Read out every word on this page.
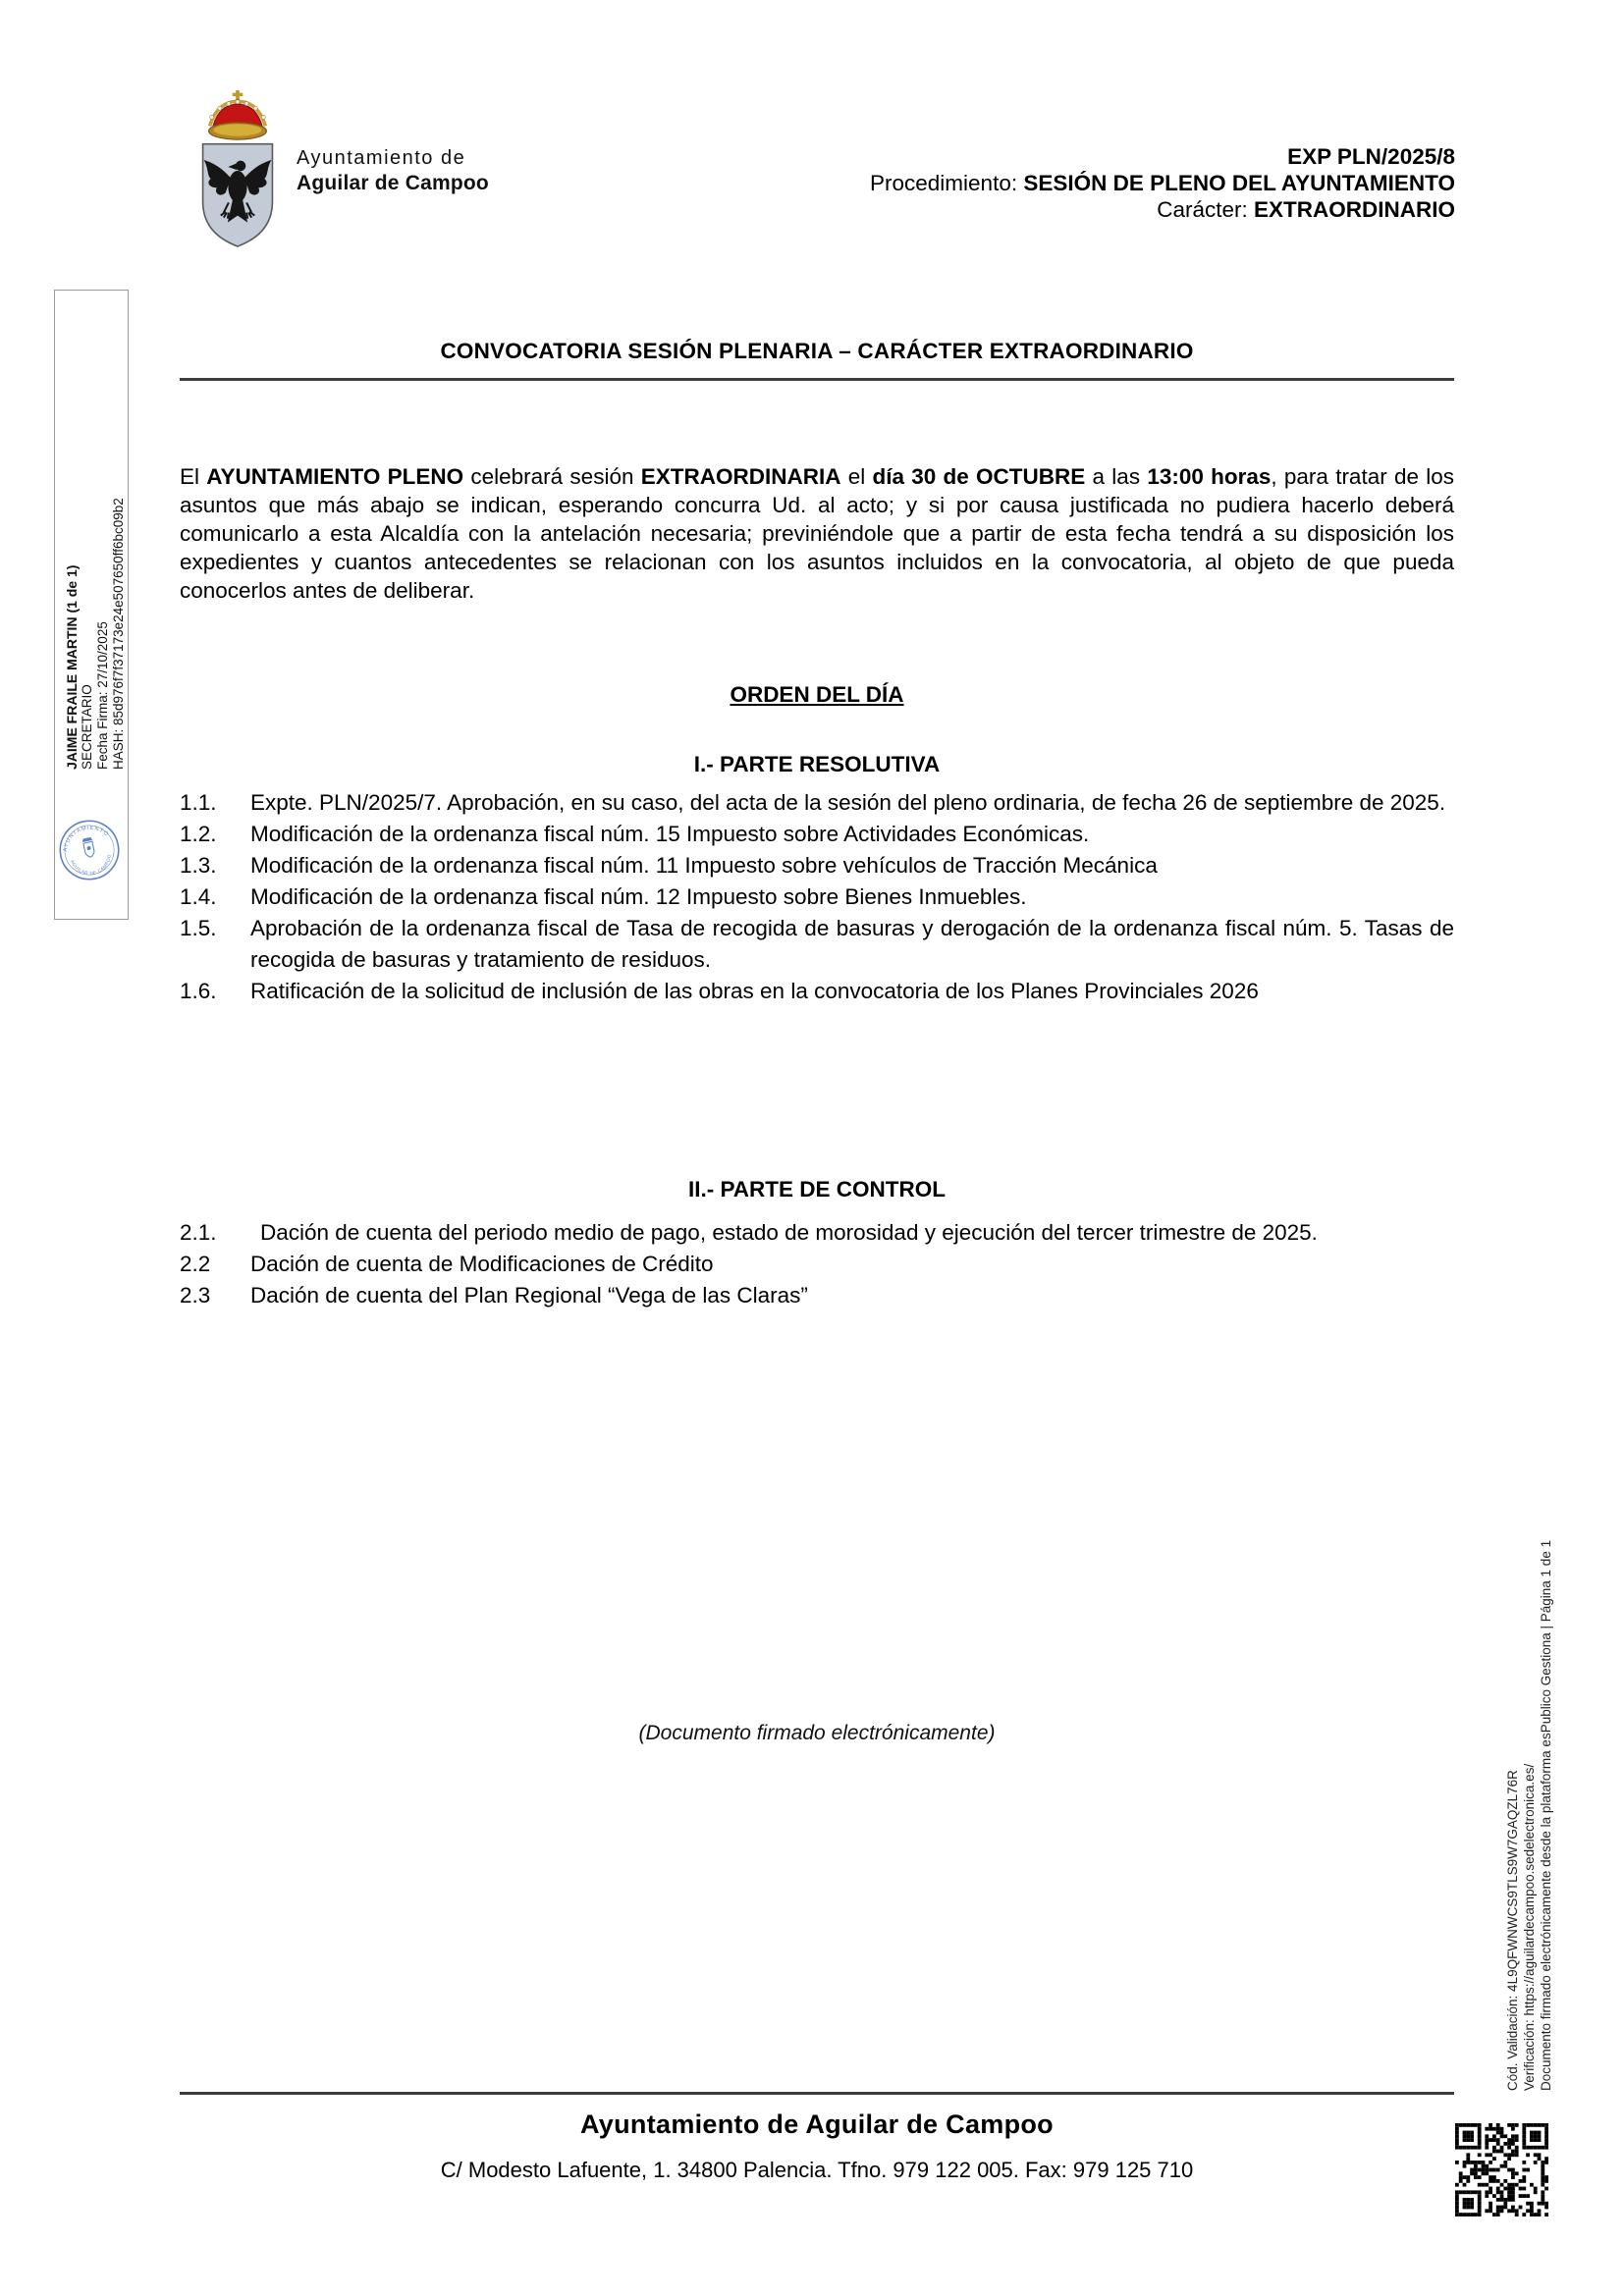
Ayuntamiento de
Aguilar de Campoo
EXP PLN/2025/8
Procedimiento: SESIÓN DE PLENO DEL AYUNTAMIENTO
Carácter: EXTRAORDINARIO
JAIME FRAILE MARTIN (1 de 1) SECRETARIO Fecha Firma: 27/10/2025 HASH: 85d976f7f37173e24e507650ff6bc09b2
AYUNTAMIENTO
AGUILAR DE CAMPOO
CONVOCATORIA SESIÓN PLENARIA – CARÁCTER EXTRAORDINARIO

El AYUNTAMIENTO PLENO celebrará sesión EXTRAORDINARIA el día 30 de OCTUBRE a las 13:00 horas, para tratar de los asuntos que más abajo se indican, esperando concurra Ud. al acto; y si por causa justificada no pudiera hacerlo deberá comunicarlo a esta Alcaldía con la antelación necesaria; previniéndole que a partir de esta fecha tendrá a su disposición los expedientes y cuantos antecedentes se relacionan con los asuntos incluidos en la convocatoria, al objeto de que pueda conocerlos antes de deliberar.

ORDEN DEL DÍA
I.- PARTE RESOLUTIVA
1.1.	Expte. PLN/2025/7. Aprobación, en su caso, del acta de la sesión del pleno ordinaria, de fecha 26 de septiembre de 2025.
1.2.	Modificación de la ordenanza fiscal núm. 15 Impuesto sobre Actividades Económicas.
1.3.	Modificación de la ordenanza fiscal núm. 11 Impuesto sobre vehículos de Tracción Mecánica
1.4.	Modificación de la ordenanza fiscal núm. 12 Impuesto sobre Bienes Inmuebles.
1.5.	Aprobación de la ordenanza fiscal de Tasa de recogida de basuras y derogación de la ordenanza fiscal núm. 5. Tasas de recogida de basuras y tratamiento de residuos.
1.6.	Ratificación de la solicitud de inclusión de las obras en la convocatoria de los Planes Provinciales 2026
II.- PARTE DE CONTROL
2.1.	Dación de cuenta del periodo medio de pago, estado de morosidad y ejecución del tercer trimestre de 2025.
2.2	Dación de cuenta de Modificaciones de Crédito
2.3	Dación de cuenta del Plan Regional “Vega de las Claras”

(Documento firmado electrónicamente)

Ayuntamiento de Aguilar de Campoo
C/ Modesto Lafuente, 1. 34800 Palencia. Tfno. 979 122 005. Fax: 979 125 710
Cód. Validación: 4L9QFWNWCS9TLS9W7GAQZL76R Verificación: https://aguilardecampoo.sedelectronica.es/ Documento firmado electrónicamente desde la plataforma esPublico Gestiona | Página 1 de 1
